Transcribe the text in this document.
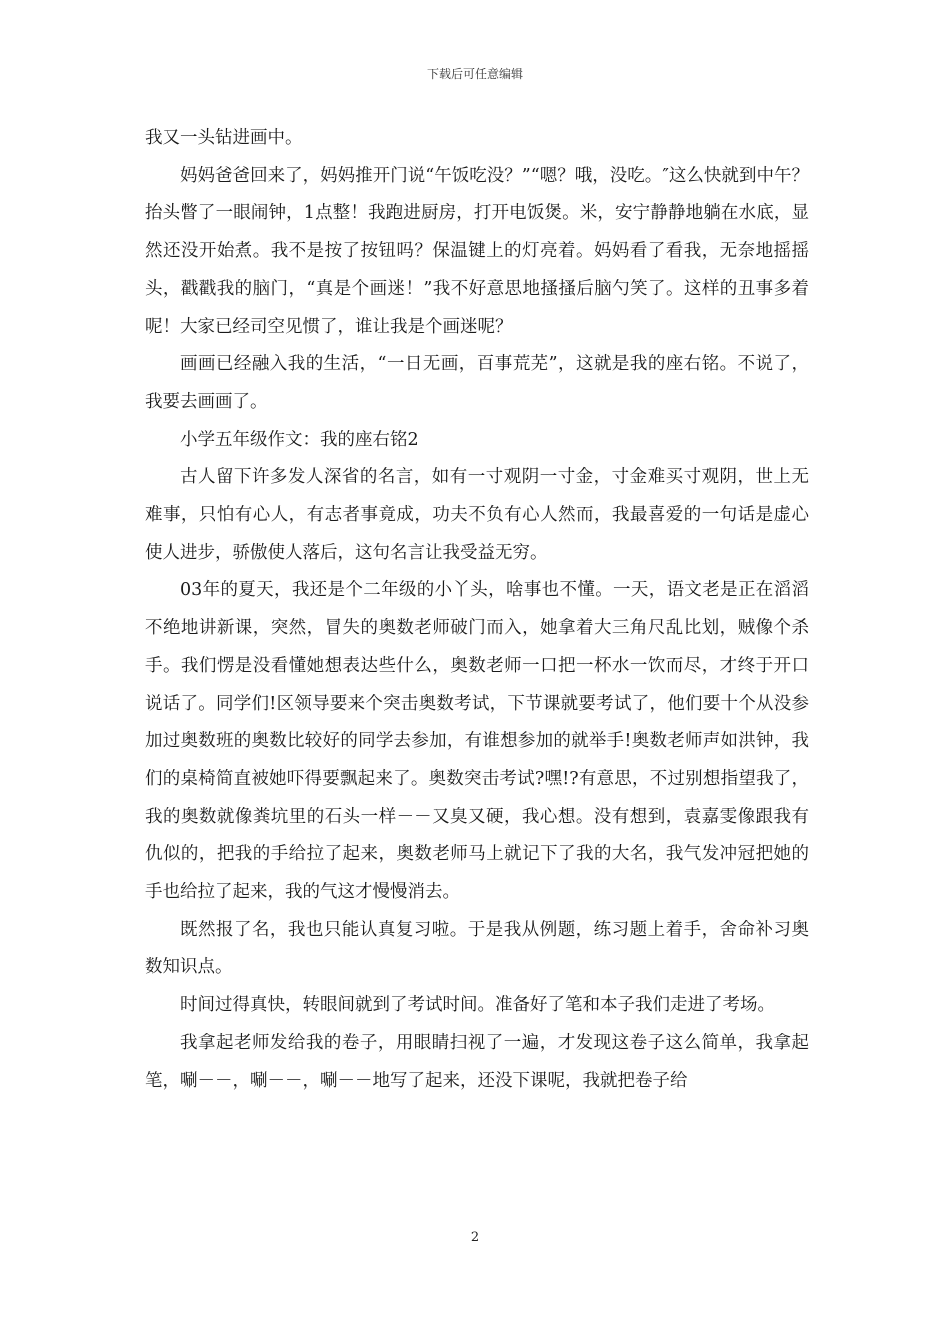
下载后可任意编辑

我又一头钻进画中。

妈妈爸爸回来了，妈妈推开门说“午饭吃没？”“嗯？哦，没吃。″这么快就到中午？抬头瞥了一眼闹钟，1点整！我跑进厨房，打开电饭煲。米，安宁静静地躺在水底，显然还没开始煮。我不是按了按钮吗？保温键上的灯亮着。妈妈看了看我，无奈地摇摇头，戳戳我的脑门，“真是个画迷！”我不好意思地搔搔后脑勺笑了。这样的丑事多着呢！大家已经司空见惯了，谁让我是个画迷呢？

画画已经融入我的生活，“一日无画，百事荒芜”，这就是我的座右铭。不说了，我要去画画了。

小学五年级作文：我的座右铭2

古人留下许多发人深省的名言，如有一寸观阴一寸金，寸金难买寸观阴，世上无难事，只怕有心人，有志者事竟成，功夫不负有心人然而，我最喜爱的一句话是虚心使人进步，骄傲使人落后，这句名言让我受益无穷。

03年的夏天，我还是个二年级的小丫头，啥事也不懂。一天，语文老是正在滔滔不绝地讲新课，突然，冒失的奥数老师破门而入，她拿着大三角尺乱比划，贼像个杀手。我们愣是没看懂她想表达些什么，奥数老师一口把一杯水一饮而尽，才终于开口说话了。同学们!区领导要来个突击奥数考试，下节课就要考试了，他们要十个从没参加过奥数班的奥数比较好的同学去参加，有谁想参加的就举手!奥数老师声如洪钟，我们的桌椅简直被她吓得要飘起来了。奥数突击考试?嘿!?有意思，不过别想指望我了，我的奥数就像粪坑里的石头一样－－又臭又硬，我心想。没有想到，袁嘉雯像跟我有仇似的，把我的手给拉了起来，奥数老师马上就记下了我的大名，我气发冲冠把她的手也给拉了起来，我的气这才慢慢消去。

既然报了名，我也只能认真复习啦。于是我从例题，练习题上着手，舍命补习奥数知识点。

时间过得真快，转眼间就到了考试时间。准备好了笔和本子我们走进了考场。

我拿起老师发给我的卷子，用眼睛扫视了一遍，才发现这卷子这么简单，我拿起笔，唰－－，唰－－，唰－－地写了起来，还没下课呢，我就把卷子给

2
